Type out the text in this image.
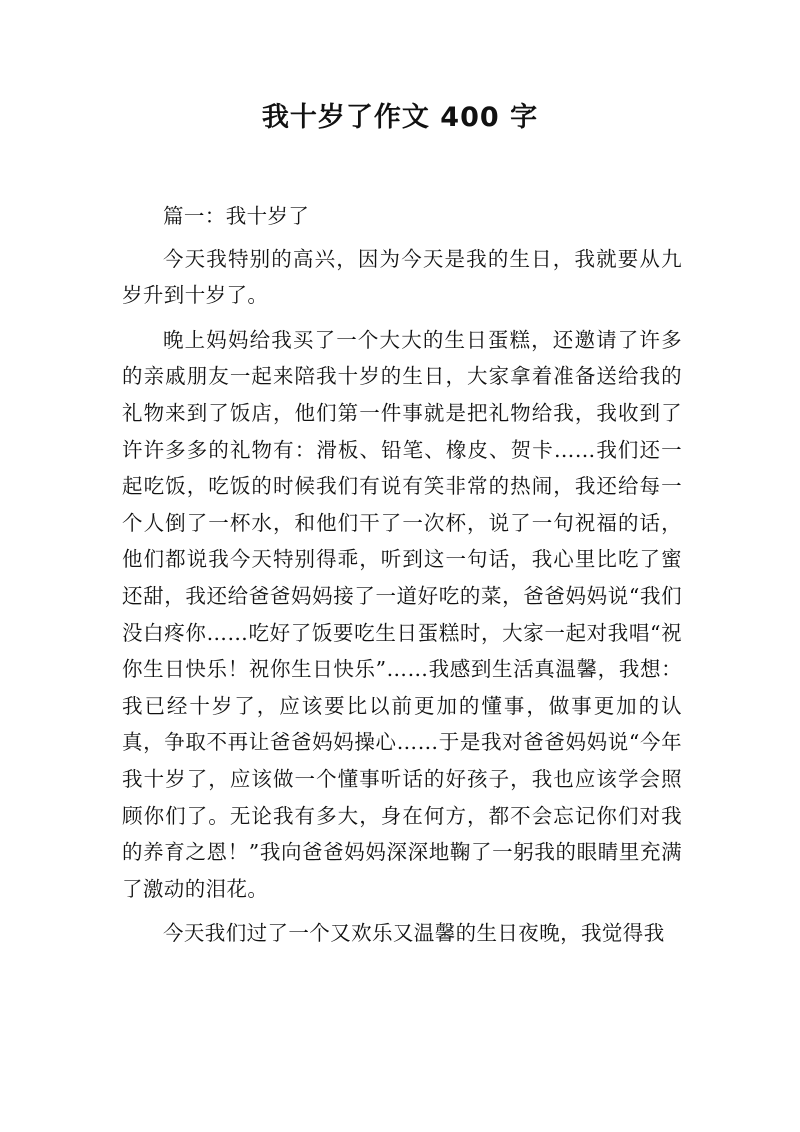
我十岁了作文 400 字

篇一：我十岁了

今天我特别的高兴，因为今天是我的生日，我就要从九岁升到十岁了。

晚上妈妈给我买了一个大大的生日蛋糕，还邀请了许多的亲戚朋友一起来陪我十岁的生日，大家拿着准备送给我的礼物来到了饭店，他们第一件事就是把礼物给我，我收到了许许多多的礼物有：滑板、铅笔、橡皮、贺卡……我们还一起吃饭，吃饭的时候我们有说有笑非常的热闹，我还给每一个人倒了一杯水，和他们干了一次杯，说了一句祝福的话，他们都说我今天特别得乖，听到这一句话，我心里比吃了蜜还甜，我还给爸爸妈妈接了一道好吃的菜，爸爸妈妈说“我们没白疼你……吃好了饭要吃生日蛋糕时，大家一起对我唱“祝你生日快乐！祝你生日快乐”……我感到生活真温馨，我想：我已经十岁了，应该要比以前更加的懂事，做事更加的认真，争取不再让爸爸妈妈操心……于是我对爸爸妈妈说“今年我十岁了，应该做一个懂事听话的好孩子，我也应该学会照顾你们了。无论我有多大，身在何方，都不会忘记你们对我的养育之恩！”我向爸爸妈妈深深地鞠了一躬我的眼睛里充满了激动的泪花。

今天我们过了一个又欢乐又温馨的生日夜晚，我觉得我
